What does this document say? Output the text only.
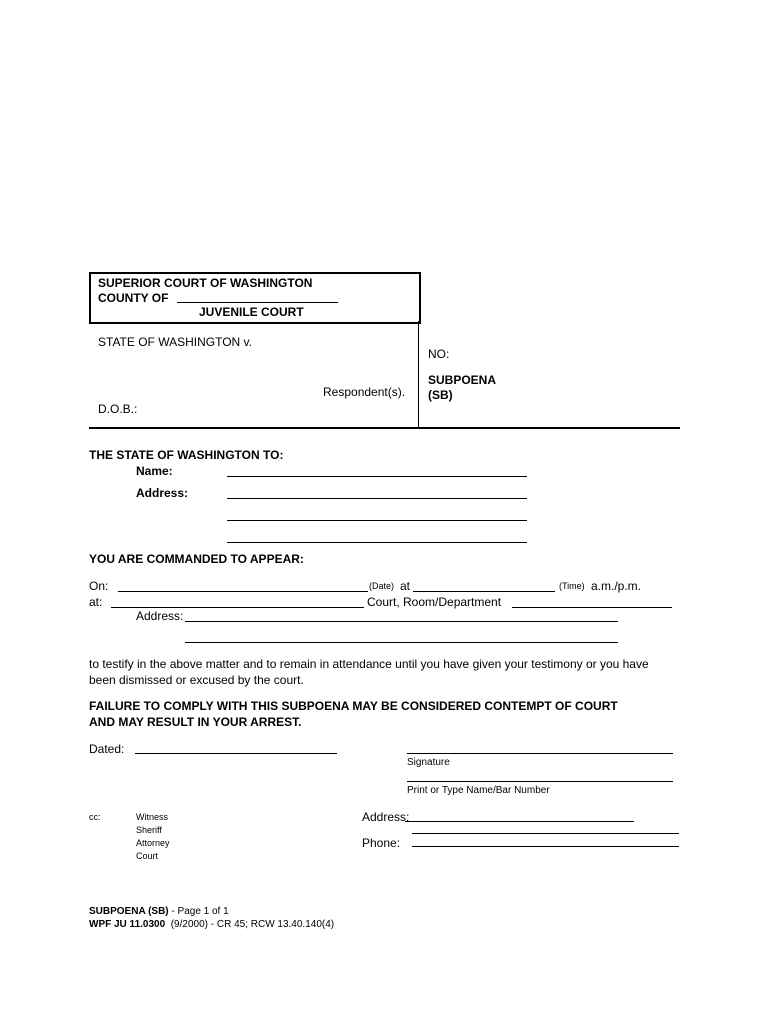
SUPERIOR COURT OF WASHINGTON
COUNTY OF
JUVENILE COURT
STATE OF WASHINGTON v.
Respondent(s).
D.O.B.:
NO:
SUBPOENA
(SB)
THE STATE OF WASHINGTON TO:
Name:
Address:
YOU ARE COMMANDED TO APPEAR:
On:	(Date) at	(Time) a.m./p.m.
at:	Court, Room/Department
Address:
to testify in the above matter and to remain in attendance until you have given your testimony or you have
been dismissed or excused by the court.
FAILURE TO COMPLY WITH THIS SUBPOENA MAY BE CONSIDERED CONTEMPT OF COURT
AND MAY RESULT IN YOUR ARREST.
Dated:
Signature
Print or Type Name/Bar Number
cc:	Witness
Sheriff
Attorney
Court
Address:
Phone:
SUBPOENA (SB) - Page 1 of 1
WPF JU 11.0300  (9/2000) - CR 45; RCW 13.40.140(4)
